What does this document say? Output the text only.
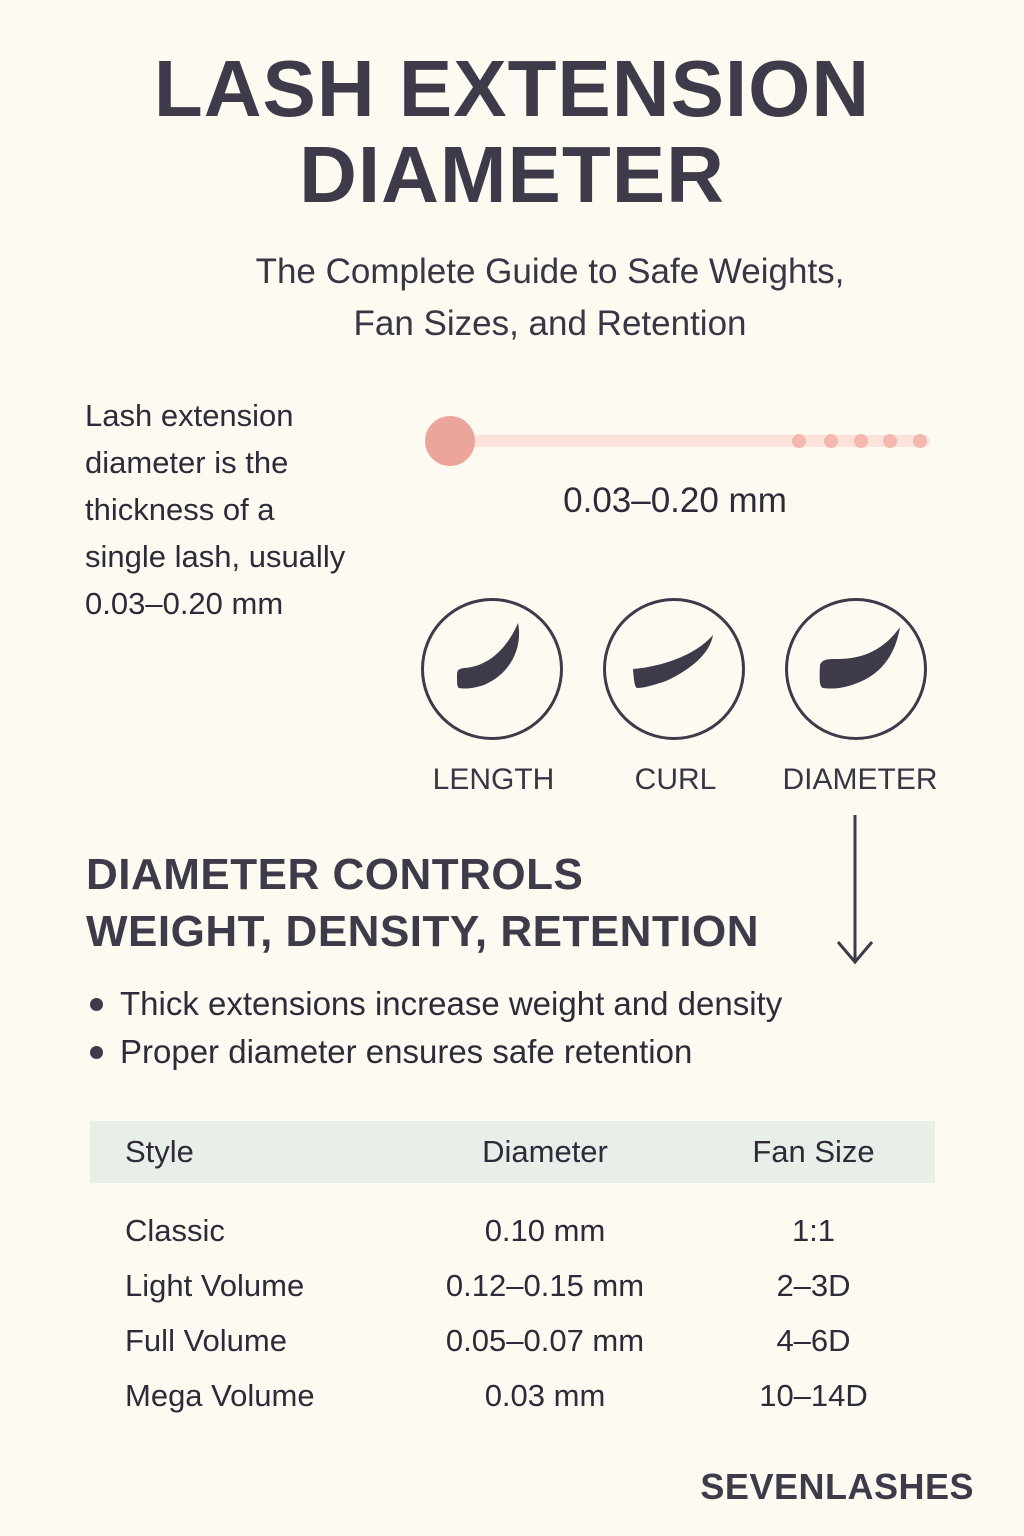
LASH EXTENSION
DIAMETER
The Complete Guide to Safe Weights,
Fan Sizes, and Retention
Lash extension diameter is the thickness of a single lash, usually 0.03–0.20 mm
0.03–0.20 mm
LENGTH	CURL	DIAMETER
DIAMETER CONTROLS
WEIGHT, DENSITY, RETENTION
Thick extensions increase weight and density
Proper diameter ensures safe retention
Style	Diameter	Fan Size
Classic	0.10 mm	1:1
Light Volume	0.12–0.15 mm	2–3D
Full Volume	0.05–0.07 mm	4–6D
Mega Volume	0.03 mm	10–14D
SEVENLASHES
